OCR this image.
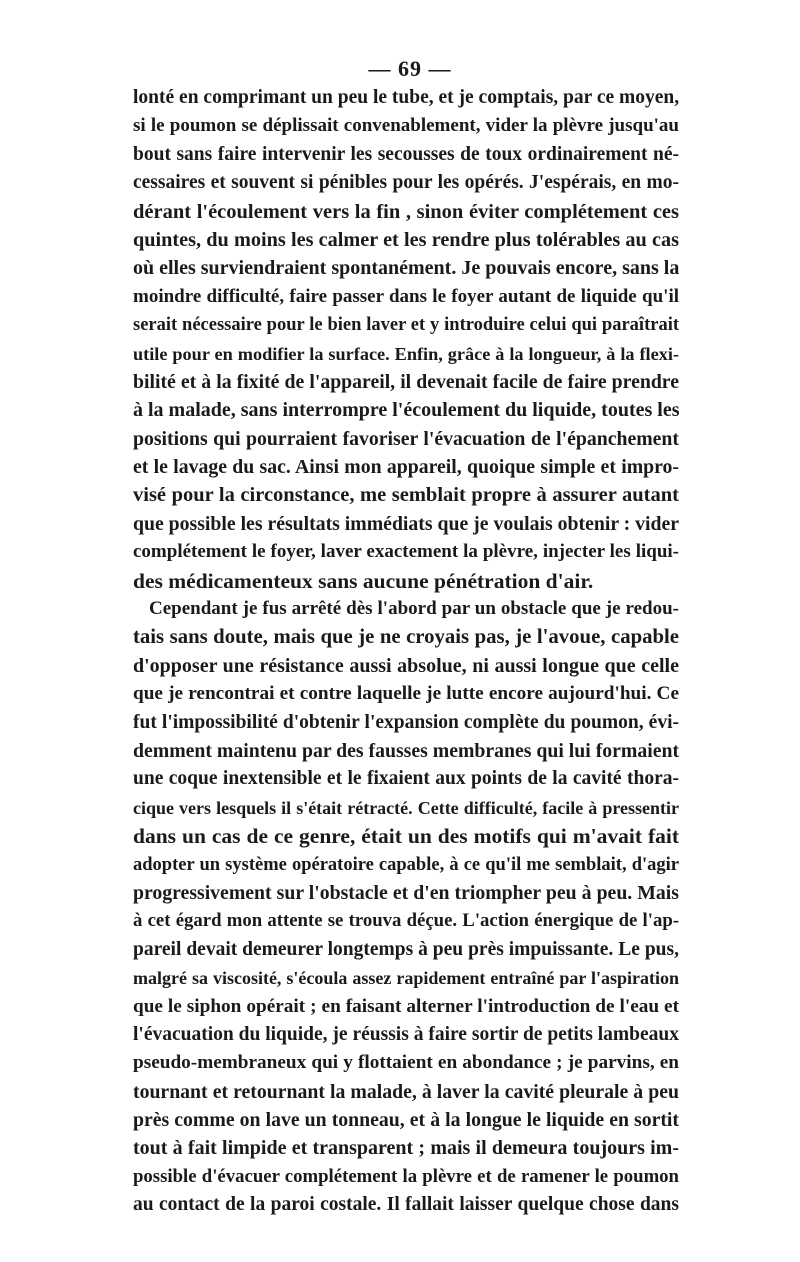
— 69 —
lonté en comprimant un peu le tube, et je comptais, par ce moyen,
si le poumon se déplissait convenablement, vider la plèvre jusqu'au
bout sans faire intervenir les secousses de toux ordinairement né-
cessaires et souvent si pénibles pour les opérés. J'espérais, en mo-
dérant l'écoulement vers la fin , sinon éviter complétement ces
quintes, du moins les calmer et les rendre plus tolérables au cas
où elles surviendraient spontanément. Je pouvais encore, sans la
moindre difficulté, faire passer dans le foyer autant de liquide qu'il
serait nécessaire pour le bien laver et y introduire celui qui paraîtrait
utile pour en modifier la surface. Enfin, grâce à la longueur, à la flexi-
bilité et à la fixité de l'appareil, il devenait facile de faire prendre
à la malade, sans interrompre l'écoulement du liquide, toutes les
positions qui pourraient favoriser l'évacuation de l'épanchement
et le lavage du sac. Ainsi mon appareil, quoique simple et impro-
visé pour la circonstance, me semblait propre à assurer autant
que possible les résultats immédiats que je voulais obtenir : vider
complétement le foyer, laver exactement la plèvre, injecter les liqui-
des médicamenteux sans aucune pénétration d'air.
Cependant je fus arrêté dès l'abord par un obstacle que je redou-
tais sans doute, mais que je ne croyais pas, je l'avoue, capable
d'opposer une résistance aussi absolue, ni aussi longue que celle
que je rencontrai et contre laquelle je lutte encore aujourd'hui. Ce
fut l'impossibilité d'obtenir l'expansion complète du poumon, évi-
demment maintenu par des fausses membranes qui lui formaient
une coque inextensible et le fixaient aux points de la cavité thora-
cique vers lesquels il s'était rétracté. Cette difficulté, facile à pressentir
dans un cas de ce genre, était un des motifs qui m'avait fait
adopter un système opératoire capable, à ce qu'il me semblait, d'agir
progressivement sur l'obstacle et d'en triompher peu à peu. Mais
à cet égard mon attente se trouva déçue. L'action énergique de l'ap-
pareil devait demeurer longtemps à peu près impuissante. Le pus,
malgré sa viscosité, s'écoula assez rapidement entraîné par l'aspiration
que le siphon opérait ; en faisant alterner l'introduction de l'eau et
l'évacuation du liquide, je réussis à faire sortir de petits lambeaux
pseudo-membraneux qui y flottaient en abondance ; je parvins, en
tournant et retournant la malade, à laver la cavité pleurale à peu
près comme on lave un tonneau, et à la longue le liquide en sortit
tout à fait limpide et transparent ; mais il demeura toujours im-
possible d'évacuer complétement la plèvre et de ramener le poumon
au contact de la paroi costale. Il fallait laisser quelque chose dans
